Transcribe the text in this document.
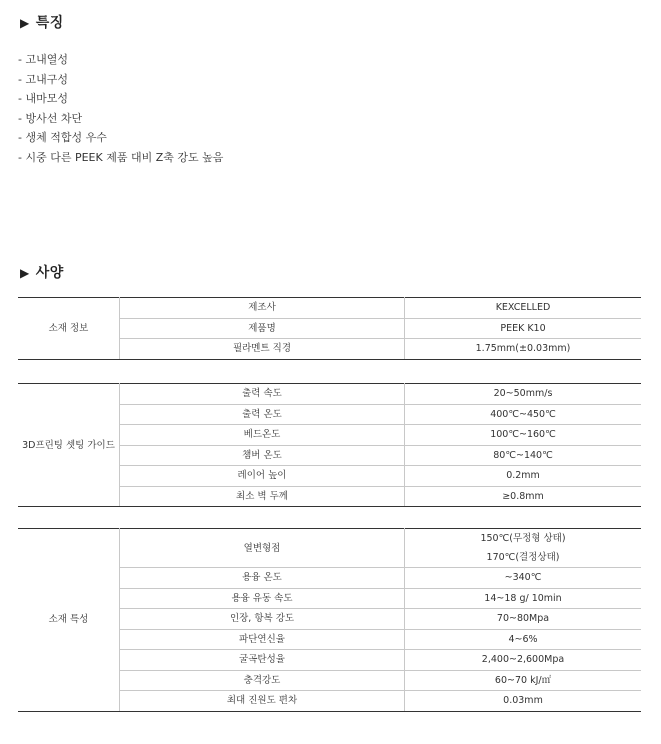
▶ 특징
- 고내열성
- 고내구성
- 내마모성
- 방사선 차단
- 생체 적합성 우수
- 시중 다른 PEEK 제품 대비 Z축 강도 높음
▶ 사양
소재 정보	제조사	KEXCELLED
	제품명	PEEK K10
	필라멘트 직경	1.75mm(±0.03mm)
3D프린팅 셋팅 가이드	출력 속도	20~50mm/s
	출력 온도	400℃~450℃
	베드온도	100℃~160℃
	챔버 온도	80℃~140℃
	레이어 높이	0.2mm
	최소 벽 두께	≥0.8mm
소재 특성	열변형점	150℃(무정형 상태)
170℃(결정상태)

	용융 온도	~340℃
	용융 유동 속도	14~18 g/ 10min
	인장, 항복 강도	70~80Mpa
	파단연신율	4~6%
	굴곡탄성율	2,400~2,600Mpa
	충격강도	60~70 kJ/㎡
	최대 진원도 편차	0.03mm
